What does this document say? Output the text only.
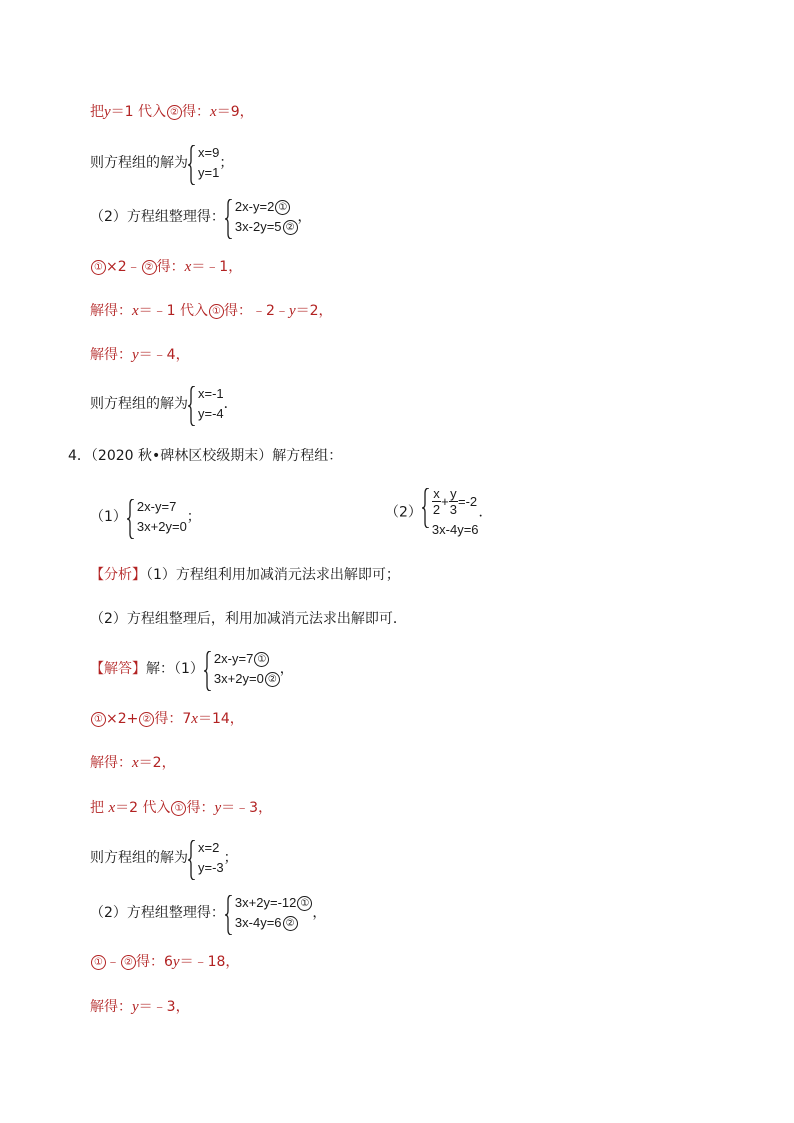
把y＝1 代入 ② 得：x＝9，
则方程组的解为
x=9
y=1
；
（2）方程组整理得：
2x-y=2 ①
3x-2y=5 ②
，
① ×2﹣ ② 得：x＝﹣1，
解得：x＝﹣1 代入 ① 得：﹣2﹣y＝2，
解得：y＝﹣4，
则方程组的解为
x=-1
y=-4
．
4．（2020 秋•碑林区校级期末）解方程组：
（1）
2x-y=7
3x+2y=0
；	$(2) \frac{x}{2} + \frac{y}{3} =-2$
3x-4y=6
．
【分析】（1）方程组利用加减消元法求出解即可；
（2）方程组整理后，利用加减消元法求出解即可．
【解答】解：（1）
2x-y=7 ①
3x+2y=0 ②
，
① ×2+ ② 得：7x＝14，
解得：x＝2，
把 x＝2 代入 ① 得：y＝﹣3，
则方程组的解为
x=2
y=-3
；
（2）方程组整理得：
3x+2y=-12 ①
3x-4y=6 ②
，
① ﹣ ② 得：6y＝﹣18，
解得：y＝﹣3，
